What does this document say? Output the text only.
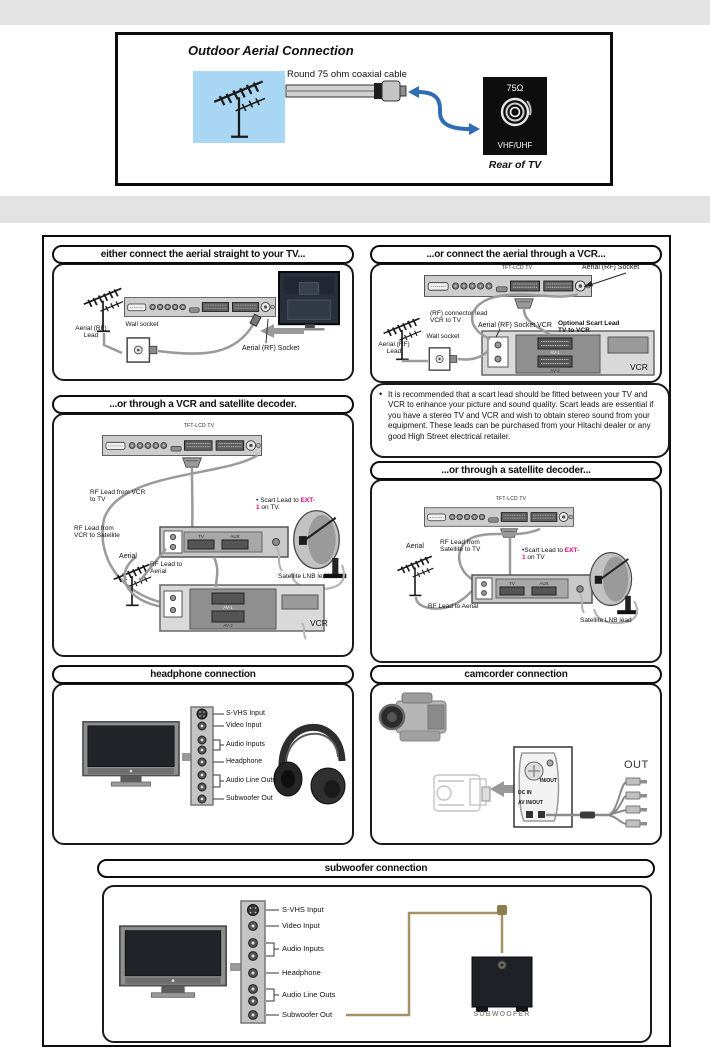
Outdoor Aerial Connection
Round 75 ohm coaxial cable
75Ω
VHF/UHF
Rear of TV
either connect the aerial straight to your TV...
Aerial (RF) Lead
Wall socket
Aerial (RF) Socket
...or connect the aerial through a VCR...
AV-1
AV-2
TFT-LCD TV	Aerial (RF) Socket
(RF) connector lead VCR to TV
Aerial (RF) Socket VCR Optional Scart Lead TV to VCR
Aerial (RF) Lead
Wall socket
VCR
• It is recommended that a scart lead should be fitted between your TV and VCR to enhance your picture and sound quality. Scart leads are essential if you have a stereo TV and VCR and wish to obtain stereo sound from your equipment. These leads can be purchased from your Hitachi dealer or any good High Street electrical retailer.
...or through a VCR and satellite decoder.
TV	AUX
AV-1
AV-2
TFT-LCD TV
RF Lead from VCR to TV	• Scart Lead to EXT-1 on TV.
RF Lead from VCR to Satellite
Aerial
RF Lead to Aerial
Satellite LNB lead
VCR
...or through a satellite decoder...
TV	AUX
TFT-LCD TV
Aerial
RF Lead from Satellite to TV	•Scart Lead to EXT-1 on TV
RF Lead to Aerial
Satellite LNB lead
headphone connection
S-VHS Input
Video Input
Audio Inputs
Headphone
Audio Line Outs
Subwoofer Out
camcorder connection
IN/OUT
DC IN
AV IN/OUT
OUT
subwoofer connection
S-VHS Input
Video Input
Audio Inputs
Headphone
Audio Line Outs
Subwoofer Out	SUBWOOFER
